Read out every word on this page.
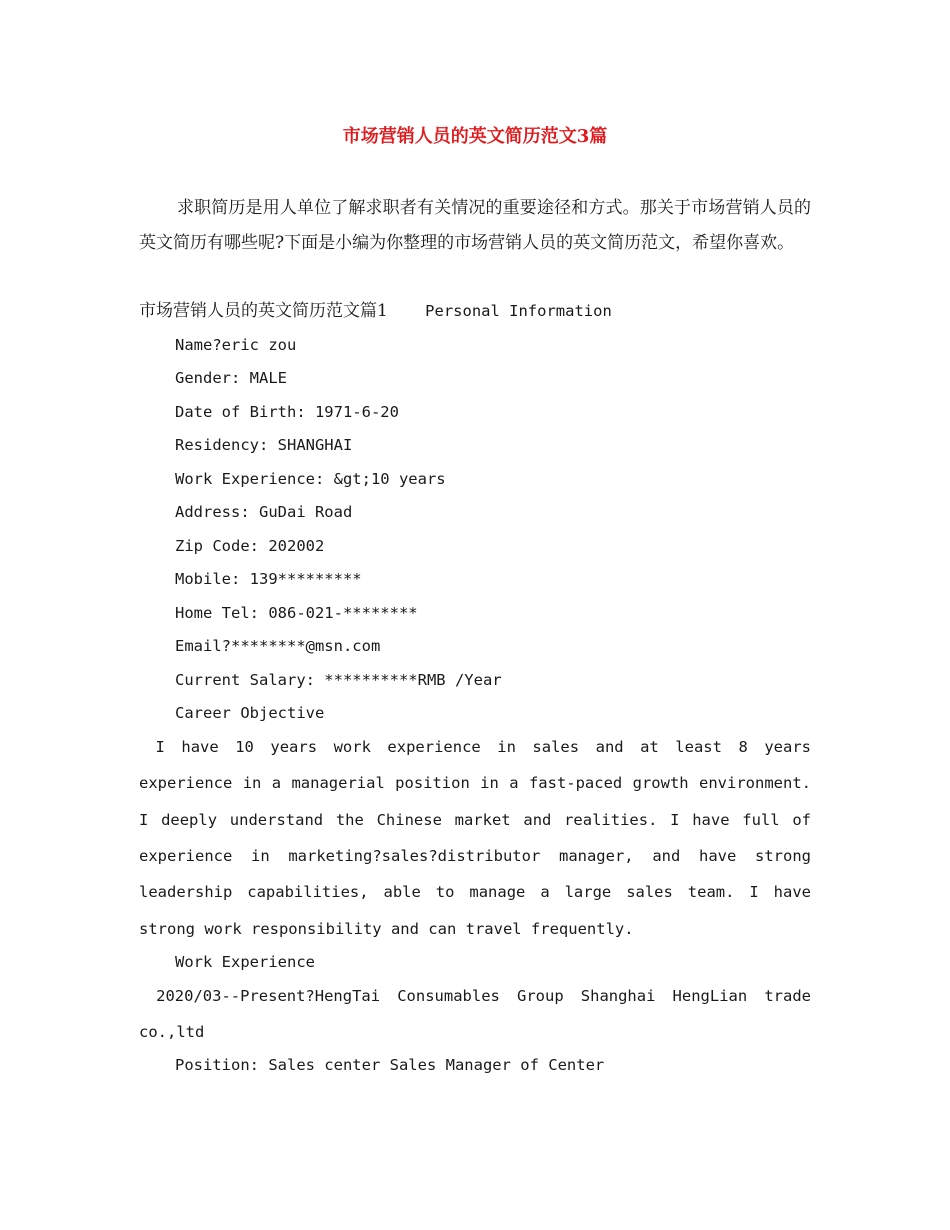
市场营销人员的英文简历范文3篇

求职简历是用人单位了解求职者有关情况的重要途径和方式。那关于市场营销人员的英文简历有哪些呢?下面是小编为你整理的市场营销人员的英文简历范文，希望你喜欢。

市场营销人员的英文简历范文篇1 Personal Information
Name?eric zou
Gender: MALE
Date of Birth: 1971-6-20
Residency: SHANGHAI
Work Experience: &gt;10 years
Address: GuDai Road
Zip Code: 202002
Mobile: 139*********
Home Tel: 086-021-********
Email?********@msn.com
Current Salary: **********RMB /Year
Career Objective
I have 10 years work experience in sales and at least 8 years
experience in a managerial position in a fast-paced growth environment.
I deeply understand the Chinese market and realities. I have full of
experience in marketing?sales?distributor manager, and have strong
leadership capabilities, able to manage a large sales team. I have
strong work responsibility and can travel frequently.
Work Experience
2020/03--Present?HengTai Consumables Group Shanghai HengLian trade
co.,ltd
Position: Sales center Sales Manager of Center
